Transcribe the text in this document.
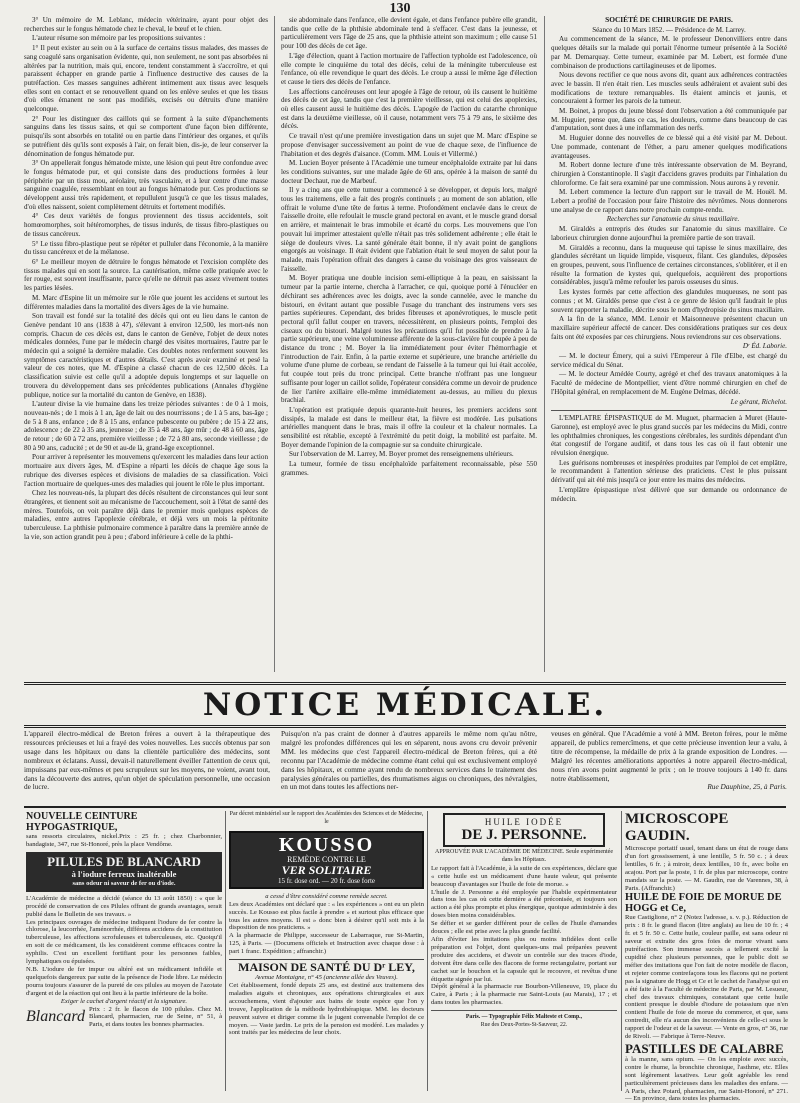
130

3° Un mémoire de M. Leblanc, médecin vétérinaire, ayant pour objet des recherches sur le fongus hématode chez le cheval, le bœuf et le chien.

L'auteur résume son mémoire par les propositions suivantes :

1° Il peut exister au sein ou à la surface de certains tissus malades, des masses de sang coagulé sans organisation évidente, qui, non seulement, ne sont pas absorbées ni altérées par la nutrition, mais qui, encore, tendent constamment à s'accroître, et qui paraissent échapper en grande partie à l'influence destructive des causes de la putréfaction. Ces masses sanguines adhèrent intimement aux tissus avec lesquels elles sont en contact et se renouvellent quand on les enlève seules et que les tissus d'où elles émanent ne sont pas modifiés, excisés ou détruits d'une manière quelconque.

2° Pour les distinguer des caillots qui se forment à la suite d'épanchements sanguins dans les tissus sains, et qui se comportent d'une façon bien différente, puisqu'ils sont absorbés en totalité ou en partie dans l'intérieur des organes, et qu'ils se putréfient dès qu'ils sont exposés à l'air, on ferait bien, dis-je, de leur conserver la dénomination de fongus hématode pur.

3° On appellerait fongus hématode mixte, une lésion qui peut être confondue avec le fongus hématode pur, et qui consiste dans des productions formées à leur périphérie par un tissu mou, aréolaire, très vasculaire, et à leur centre d'une masse sanguine coagulée, ressemblant en tout au fongus hématode pur. Ces productions se développent aussi très rapidement, et repullulent jusqu'à ce que les tissus malades, d'où elles naissent, soient complètement détruits et fortement modifiés.

4° Ces deux variétés de fongus proviennent des tissus accidentels, soit homœomorphes, soit hétéromorphes, de tissus indurés, de tissus fibro-plastiques ou de tissus cancéreux.

5° Le tissu fibro-plastique peut se répéter et pulluler dans l'économie, à la manière du tissu cancéreux et de la mélanose.

6° Le meilleur moyen de détruire le fongus hématode et l'excision complète des tissus malades qui en sont la source. La cautérisation, même celle pratiquée avec le fer rouge, est souvent insuffisante, parce qu'elle ne détruit pas assez vivement toutes les parties lésées.

M. Marc d'Espine lit un mémoire sur le rôle que jouent les accidens et surtout les différentes maladies dans la mortalité des divers âges de la vie humaine.

Son travail est fondé sur la totalité des décès qui ont eu lieu dans le canton de Genève pendant 10 ans (1838 à 47), s'élevant à environ 12,500, les mort-nés non compris. Chacun de ces décès est, dans le canton de Genève, l'objet de deux notes médicales données, l'une par le médecin chargé des visites mortuaires, l'autre par le médecin qui a soigné la dernière maladie. Ces doubles notes renferment souvent les symptômes caractéristiques et d'autres détails. C'est après avoir examiné et pesé la valeur de ces notes, que M. d'Espine a classé chacun de ces 12,500 décès. La classification suivie est celle qu'il a adoptée depuis longtemps et sur laquelle on trouvera du développement dans ses précédentes publications (Annales d'hygiène publique, notice sur la mortalité du canton de Genève, en 1838).

L'auteur divise la vie humaine dans les treize périodes suivantes : de 0 à 1 mois, nouveau-nés ; de 1 mois à 1 an, âge de lait ou des nourrissons ; de 1 à 5 ans, bas-âge ; de 5 à 8 ans, enfance ; de 8 à 15 ans, enfance pubescente ou pubère ; de 15 à 22 ans, adolescence ; de 22 à 35 ans, jeunesse ; de 35 à 48 ans, âge mûr ; de 48 à 60 ans, âge de retour ; de 60 à 72 ans, première vieillesse ; de 72 à 80 ans, seconde vieillesse ; de 80 à 90 ans, caducité ; et de 90 et au-de là, grand-âge exceptionnel.

Pour arriver à représenter les mouvemens qu'exercent les maladies dans leur action mortuaire aux divers âges, M. d'Espine a réparti les décès de chaque âge sous la rubrique des diverses espèces et divisions de maladies de sa classification. Voici l'action mortuaire de quelques-unes des maladies qui jouent le rôle le plus important.

Chez les nouveau-nés, la plupart des décès résultent de circonstances qui leur sont étrangères, et tiennent soit au mécanisme de l'accouchement, soit à l'état de santé des mères. Toutefois, on voit paraître déjà dans le premier mois quelques espèces de maladies, entre autres l'apoplexie cérébrale, et déjà vers un mois la péritonite tuberculeuse. La phthisie pulmonaire commence à paraître dans la première année de la vie, son action grandit peu à peu ; d'abord inférieure à celle de la phthi-

sie abdominale dans l'enfance, elle devient égale, et dans l'enfance pubère elle grandit, tandis que celle de la phthisie abdominale tend à s'effacer. C'est dans la jeunesse, et particulièrement vers l'âge de 25 ans, que la phthisie atteint son maximum ; elle cause 51 pour 100 des décès de cet âge.

L'âge d'élection, quant à l'action mortuaire de l'affection typhoïde est l'adolescence, où elle compte le cinquième du total des décès, celui de la méningite tuberculeuse est l'enfance, où elle revendique le quart des décès. Le croup a aussi le même âge d'élection et cause le tiers des décès de l'enfance.

Les affections cancéreuses ont leur apogée à l'âge de retour, où ils causent le huitième des décès de cet âge, tandis que c'est la première vieillesse, qui est celui des apoplexies, où elles causent aussi le huitième des décès. L'apogée de l'action du catarrhe chronique est dans la deuxième vieillesse, où il cause, notamment vers 75 à 79 ans, le sixième des décès.

Ce travail n'est qu'une première investigation dans un sujet que M. Marc d'Espine se propose d'envisager successivement au point de vue de chaque sexe, de l'influence de l'habitation et des degrés d'aisance. (Comm. MM. Louis et Villermé.)

M. Lucien Boyer présente à l'Académie une tumeur encéphaloïde extraite par lui dans les conditions suivantes, sur une malade âgée de 60 ans, opérée à la maison de santé du docteur Dechaut, rue de Marbeuf.

Il y a cinq ans que cette tumeur a commencé à se développer, et depuis lors, malgré tous les traitemens, elle a fait des progrès continuels ; au moment de son ablation, elle offrait le volume d'une tête de fœtus à terme. Profondément enclavée dans le creux de l'aisselle droite, elle refoulait le muscle grand pectoral en avant, et le muscle grand dorsal en arrière, et maintenait le bras immobile et écarté du corps. Les mouvemens que l'on pouvait lui imprimer attestaient qu'elle n'était pas très solidement adhérente ; elle était le siège de douleurs vives. La santé générale était bonne, il n'y avait point de ganglions engorgés au voisinage. Il était évident que l'ablation était le seul moyen de salut pour la malade, mais l'opération offrait des dangers à cause du voisinage des gros vaisseaux de l'aisselle.

M. Boyer pratiqua une double incision semi-elliptique à la peau, en saisissant la tumeur par la partie interne, chercha à l'arracher, ce qui, quoique porté à l'énucléer en déchirant ses adhérences avec les doigts, avec la sonde cannelée, avec le manche du bistouri, en évitant autant que possible l'usage du tranchant des instrumens vers ses parties supérieures. Cependant, des brides fibreuses et aponévrotiques, le muscle petit pectoral qu'il fallut couper en travers, nécessitèrent, en plusieurs points, l'emploi des ciseaux ou du bistouri. Malgré toutes les précautions qu'il fut possible de prendre à la partie supérieure, une veine volumineuse afférente de la sous-clavière fut coupée à peu de distance du tronc ; M. Boyer la lia immédiatement pour éviter l'hémorrhagie et l'introduction de l'air. Enfin, à la partie externe et supérieure, une branche artérielle du volume d'une plume de corbeau, se rendant de l'aisselle à la tumeur qui lui était accolée, fut coupée tout près du tronc principal. Cette branche n'offrant pas une longueur suffisante pour loger un caillot solide, l'opérateur considéra comme un devoir de prudence de lier l'artère axillaire elle-même immédiatement au-dessus, au milieu du plexus brachial.

L'opération est pratiquée depuis quarante-huit heures, les premiers accidens sont dissipés, la malade est dans le meilleur état, la fièvre est modérée. Les pulsations artérielles manquent dans le bras, mais il offre la couleur et la chaleur normales. La sensibilité est rétablie, excepté à l'extrémité du petit doigt, la mobilité est parfaite. M. Boyer demande l'opinion de la compagnie sur sa conduite chirurgicale.

Sur l'observation de M. Larrey, M. Boyer promet des renseignemens ultérieurs.

La tumeur, formée de tissu encéphaloïde parfaitement reconnaissable, pèse 550 grammes.

SOCIÉTÉ DE CHIRURGIE DE PARIS.

Séance du 10 Mars 1852. — Présidence de M. Larrey.

Au commencement de la séance, M. le professeur Denonvilliers entre dans quelques détails sur la malade qui portait l'énorme tumeur présentée à la Société par M. Demarquay. Cette tumeur, examinée par M. Lebert, est formée d'une combinaison de productions cartilagineuses et de lipomes.

Nous devons rectifier ce que nous avons dit, quant aux adhérences contractées avec le bassin. Il n'en était rien. Les muscles seuls adhéraient et avaient subi des modifications de texture remarquables. Ils étaient amincis et jaunis, et concouraient à former les parois de la tumeur.

M. Boinet, à propos du jeune blessé dont l'observation a été communiquée par M. Huguier, pense que, dans ce cas, les douleurs, comme dans beaucoup de cas d'amputation, sont dues à une inflammation des nerfs.

M. Huguier donne des nouvelles de ce blessé qui a été visité par M. Debout. Une pommade, contenant de l'éther, a paru amener quelques modifications avantageuses.

M. Robert donne lecture d'une très intéressante observation de M. Beyrand, chirurgien à Constantinople. Il s'agit d'accidens graves produits par l'inhalation du chloroforme. Ce fait sera examiné par une commission. Nous aurons à y revenir.

M. Lebert commence la lecture d'un rapport sur le travail de M. Houël. M. Lebert a profité de l'occasion pour faire l'histoire des névrômes. Nous donnerons une analyse de ce rapport dans notre prochain compte-rendu.

Recherches sur l'anatomie du sinus maxillaire.

M. Giraldès a entrepris des études sur l'anatomie du sinus maxillaire. Ce laborieux chirurgien donne aujourd'hui la première partie de son travail.

M. Giraldès a reconnu, dans la muqueuse qui tapisse le sinus maxillaire, des glandules sécrétant un liquide limpide, visqueux, filant. Ces glandules, déposées en groupes, peuvent, sous l'influence de certaines circonstances, s'oblitérer, et il en résulte la formation de kystes qui, quelquefois, acquièrent des proportions considérables, jusqu'à même refouler les parois osseuses du sinus.

Les kystes formés par cette affection des glandules muqueuses, ne sont pas connus ; et M. Giraldès pense que c'est à ce genre de lésion qu'il faudrait le plus souvent rapporter la maladie, décrite sous le nom d'hydropisie du sinus maxillaire.

A la fin de la séance, MM. Lenoir et Maisonneuve présentent chacun un maxillaire supérieur affecté de cancer. Des considérations pratiques sur ces deux faits ont été exposées par ces chirurgiens. Nous reviendrons sur ces observations.

Dʳ Éd. Laborie.

— M. le docteur Émery, qui a suivi l'Empereur à l'île d'Elbe, est chargé du service médical du Sénat.

— M. le docteur Amédée Courty, agrégé et chef des travaux anatomiques à la Faculté de médecine de Montpellier, vient d'être nommé chirurgien en chef de l'Hôpital général, en remplacement de M. Eugène Delmas, décédé.

Le gérant, Richelot.

L'EMPLATRE ÉPISPASTIQUE de M. Muguet, pharmacien à Muret (Haute-Garonne), est employé avec le plus grand succès par les médecins du Midi, contre les ophthalmies chroniques, les congestions cérébrales, les surdités dépendant d'un état congestif de l'organe auditif, et dans tous les cas où il faut obtenir une révulsion énergique.

Les guérisons nombreuses et inespérées produites par l'emploi de cet emplâtre, le recommandent à l'attention sérieuse des praticiens. C'est le plus puissant dérivatif qui ait été mis jusqu'à ce jour entre les mains des médecins.

L'emplâtre épispastique n'est délivré que sur demande ou ordonnance de médecin.

NOTICE MÉDICALE.
L'appareil électro-médical de Breton frères a ouvert à la thérapeutique des ressources précieuses et lui a frayé des voies nouvelles. Les succès obtenus par son usage dans les hôpitaux ou dans la clientèle particulière des médecins, sont nombreux et éclatans. Aussi, devait-il naturellement éveiller l'attention de ceux qui, impuissans par eux-mêmes et peu scrupuleux sur les moyens, ne voient, avant tout, dans la découverte des autres, qu'un objet de spéculation personnelle, une occasion de lucre.
Puisqu'on n'a pas craint de donner à d'autres appareils le même nom qu'au nôtre, malgré les profondes différences qui les en séparent, nous avons cru devoir prévenir MM. les médecins que c'est l'appareil électro-médical de Breton frères, qui a été reconnu par l'Académie de médecine comme étant celui qui est exclusivement employé dans les hôpitaux, et comme ayant rendu de nombreux services dans le traitement des paralysies générales ou partielles, des rhumatismes aigus ou chroniques, des névralgies, en un mot dans toutes les affections ner-
veuses en général. Que l'Académie a voté à MM. Breton frères, pour le même appareil, de publics remercîmens, et que cette précieuse invention leur a valu, à titre de récompense, la médaille de prix à la grande exposition de Londres. — Malgré les récentes améliorations apportées à notre appareil électro-médical, nous n'en avons point augmenté le prix ; on le trouve toujours à 140 fr. dans notre établissement,
Rue Dauphine, 25, à Paris.
NOUVELLE CEINTURE HYPOGASTRIQUE,
sans ressorts circulaires, nickel.Prix : 25 fr. ; chez Charbonnier, bandagiste, 347, rue St-Honoré, près la place Vendôme.
PILULES DE BLANCARD
à l'iodure ferreux inaltérable
sans odeur ni saveur de fer ou d'iode.
L'Académie de médecine a décidé (séance du 13 août 1850) : « que le procédé de conservation de ces Pilules offrant de grands avantages, serait publié dans le Bulletin de ses travaux. »
Les principaux ouvrages de médecine indiquent l'iodure de fer contre la chlorose, la leucorrhée, l'aménorrhée, différens accidens de la constitution tuberculeuse, les affections scrofuleuses et tuberculeuses, etc. Quoiqu'il en soit de ce médicament, ils les considèrent comme efficaces contre la syphilis. C'est un excellent fortifiant pour les personnes faibles, lymphatiques ou épuisées.
N.B. L'iodure de fer impur ou altéré est un médicament infidèle et quelquefois dangereux par suite de la présence de l'iode libre. Le médecin pourra toujours s'assurer de la pureté de ces pilules au moyen de l'azotate d'argent et de la réaction qui ont lieu à la partie inférieure de la boîte.
Exiger le cachet d'argent réactif et la signature.
Blancard Prix : 2 fr. le flacon de 100 pilules. Chez M. Blancard, pharmacien, rue de Seine, n° 51, à Paris, et dans toutes les bonnes pharmacies.
Par décret ministériel sur le rapport des Académies des Sciences et de Médecine, le
KOUSSO
REMÈDE CONTRE LE
VER SOLITAIRE
15 fr. dose ord. — 20 fr. dose forte
a cessé d'être considéré comme remède secret.
Les deux Académies ont déclaré que : « les expériences » ont eu un plein succès. Le Kousso est plus facile à prendre » et surtout plus efficace que tous les autres moyens. Il est » donc bien à désirer qu'il soit mis à la disposition de nos praticiens. »
A la pharmacie de Philippe, successeur de Labarraque, rue St-Martin, 125, à Paris. — (Documens officiels et Instruction avec chaque dose : à part 1 franc. Expédition ; affranchir.)
MAISON DE SANTÉ DU Dʳ LEY,
Avenue Montaigne, n° 45 (ancienne allée des Veuves).
Cet établissement, fondé depuis 25 ans, est destiné aux traitemens des maladies aiguës et chroniques, aux opérations chirurgicales et aux accouchemens, vient d'ajouter aux bains de toute espèce que l'on y trouve, l'application de la méthode hydrothérapique. MM. les docteurs peuvent suivre et diriger comme ils le jugent convenable l'emploi de ce moyen. — Vaste jardin. Le prix de la pension est modéré. Les malades y sont traités par les médecins de leur choix.
HUILE IODÉE
DE J. PERSONNE.
APPROUVÉE PAR L'ACADÉMIE DE MÉDECINE. Seule expérimentée dans les Hôpitaux.
Le rapport fait à l'Académie, à la suite de ces expériences, déclare que « cette huile est un médicament d'une haute valeur, qui présente beaucoup d'avantages sur l'huile de foie de morue. »
L'huile de J. Personne a été employée par l'habile expérimentateur dans tous les cas où cette dernière a été préconisée, et toujours son action a été plus prompte et plus énergique, quoique administrée à des doses bien moins considérables.
Se défier et se garder différent pour de celles de l'huile d'amandes douces ; elle est prise avec la plus grande facilité.
Afin d'éviter les imitations plus ou moins infidèles dont celle préparation est l'objet, dont quelques-uns mal préparées peuvent produire des accidens, et d'avoir un contrôle sur des traces d'iode, doivent être dans celle des flacons de forme rectangulaire, portant sur cachet sur le bouchon et la capsule qui le recouvre, et revêtus d'une étiquette signée par lui.
Dépôt général à la pharmacie rue Bourbon-Villeneuve, 19, place du Caire, à Paris ; à la pharmacie rue Saint-Louis (au Marais), 17 ; et dans toutes les pharmacies.
Paris. — Typographie Félix Malteste et Comp.,
Rue des Deux-Portes-St-Sauveur, 22.
MICROSCOPE GAUDIN.
Microscope portatif usuel, tenant dans un étui de rouge dans d'un fort grossissement, à une lentille, 5 fr. 50 c. ; à deux lentilles, 6 fr. ; à miroir, deux lentilles, 10 fr., avec boîte en acajou. Port par la poste, 1 fr. de plus par microscope, contre mandats sur la poste. — M. Gaudin, rue de Varennes, 38, à Paris. (Affranchir.)
HUILE DE FOIE DE MORUE DE HOGG et Ce,
Rue Castiglione, n° 2 (Notez l'adresse, s. v. p.). Réduction de prix : 8 fr. le grand flacon (litre anglais) au lieu de 10 fr. ; 4 fr. et 5 fr. 50 c. Cette huile, couleur paille, est sans odeur ni saveur et extraite des gros foies de morue vivant sans putréfaction. Son immense succès a tellement excité la cupidité chez plusieurs personnes, que le public doit se méfier des imitations que l'on fait de notre modèle de flacon, et rejeter comme contrefaçons tous les flacons qui ne portent pas la signature de Hogg et Ce et le cachet de l'analyse qui en a été faite à la Faculté de médecine de Paris, par M. Lesueur, chef des travaux chimiques, constatant que cette huile contient presque le double d'iodure de potassium que n'en contient l'huile de foie de morue du commerce, et que, sans contredit, elle n'a aucun des inconvéniens de celle-ci sous le rapport de l'odeur et de la saveur. — Vente en gros, n° 36, rue de Rivoli. — Fabrique à Terre-Neuve.
PASTILLES DE CALABRE
à la manne, sans opium. — On les emploie avec succès, contre le rhume, la bronchite chronique, l'asthme, etc. Elles sont légèrement laxatives. Leur goût agréable les rend particulièrement précieuses dans les maladies des enfans. — A Paris, chez Potard, pharmacien, rue Saint-Honoré, n° 271. — En province, dans toutes les pharmacies.
